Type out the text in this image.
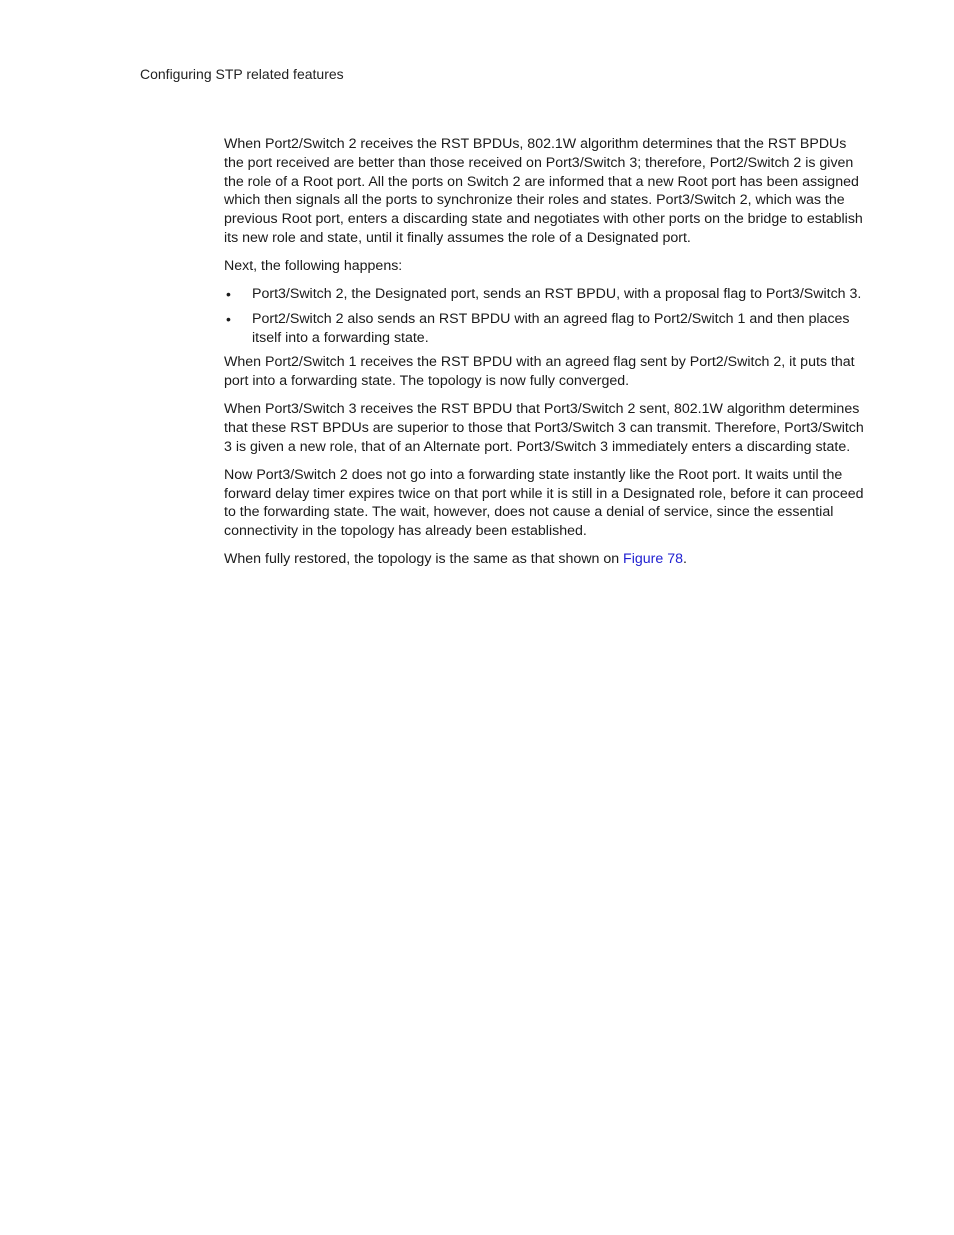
Configuring STP related features

When Port2/Switch 2 receives the RST BPDUs, 802.1W algorithm determines that the RST BPDUs the port received are better than those received on Port3/Switch 3; therefore, Port2/Switch 2 is given the role of a Root port. All the ports on Switch 2 are informed that a new Root port has been assigned which then signals all the ports to synchronize their roles and states. Port3/Switch 2, which was the previous Root port, enters a discarding state and negotiates with other ports on the bridge to establish its new role and state, until it finally assumes the role of a Designated port.

Next, the following happens:

• Port3/Switch 2, the Designated port, sends an RST BPDU, with a proposal flag to Port3/Switch 3.
• Port2/Switch 2 also sends an RST BPDU with an agreed flag to Port2/Switch 1 and then places itself into a forwarding state.

When Port2/Switch 1 receives the RST BPDU with an agreed flag sent by Port2/Switch 2, it puts that port into a forwarding state. The topology is now fully converged.

When Port3/Switch 3 receives the RST BPDU that Port3/Switch 2 sent, 802.1W algorithm determines that these RST BPDUs are superior to those that Port3/Switch 3 can transmit. Therefore, Port3/Switch 3 is given a new role, that of an Alternate port. Port3/Switch 3 immediately enters a discarding state.

Now Port3/Switch 2 does not go into a forwarding state instantly like the Root port. It waits until the forward delay timer expires twice on that port while it is still in a Designated role, before it can proceed to the forwarding state. The wait, however, does not cause a denial of service, since the essential connectivity in the topology has already been established.

When fully restored, the topology is the same as that shown on Figure 78.
